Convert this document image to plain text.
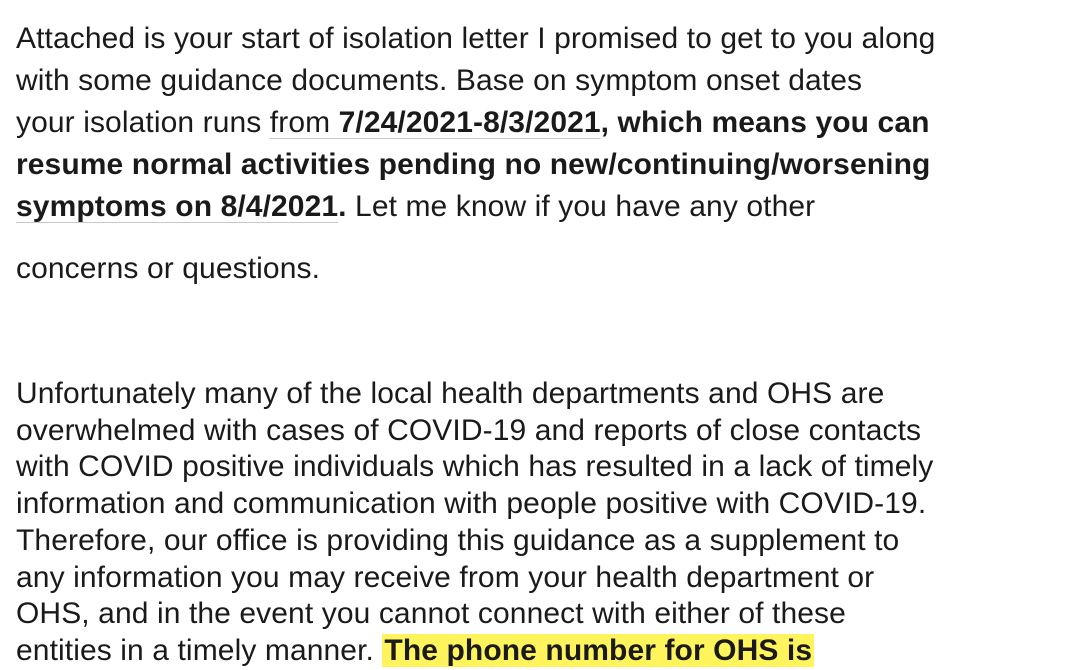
Attached is your start of isolation letter I promised to get to you along
with some guidance documents. Base on symptom onset dates
your isolation runs from 7/24/2021-8/3/2021, which means you can
resume normal activities pending no new/continuing/worsening
symptoms on 8/4/2021. Let me know if you have any other
concerns or questions.
Unfortunately many of the local health departments and OHS are
overwhelmed with cases of COVID-19 and reports of close contacts
with COVID positive individuals which has resulted in a lack of timely
information and communication with people positive with COVID-19.
Therefore, our office is providing this guidance as a supplement to
any information you may receive from your health department or
OHS, and in the event you cannot connect with either of these
entities in a timely manner. The phone number for OHS is
